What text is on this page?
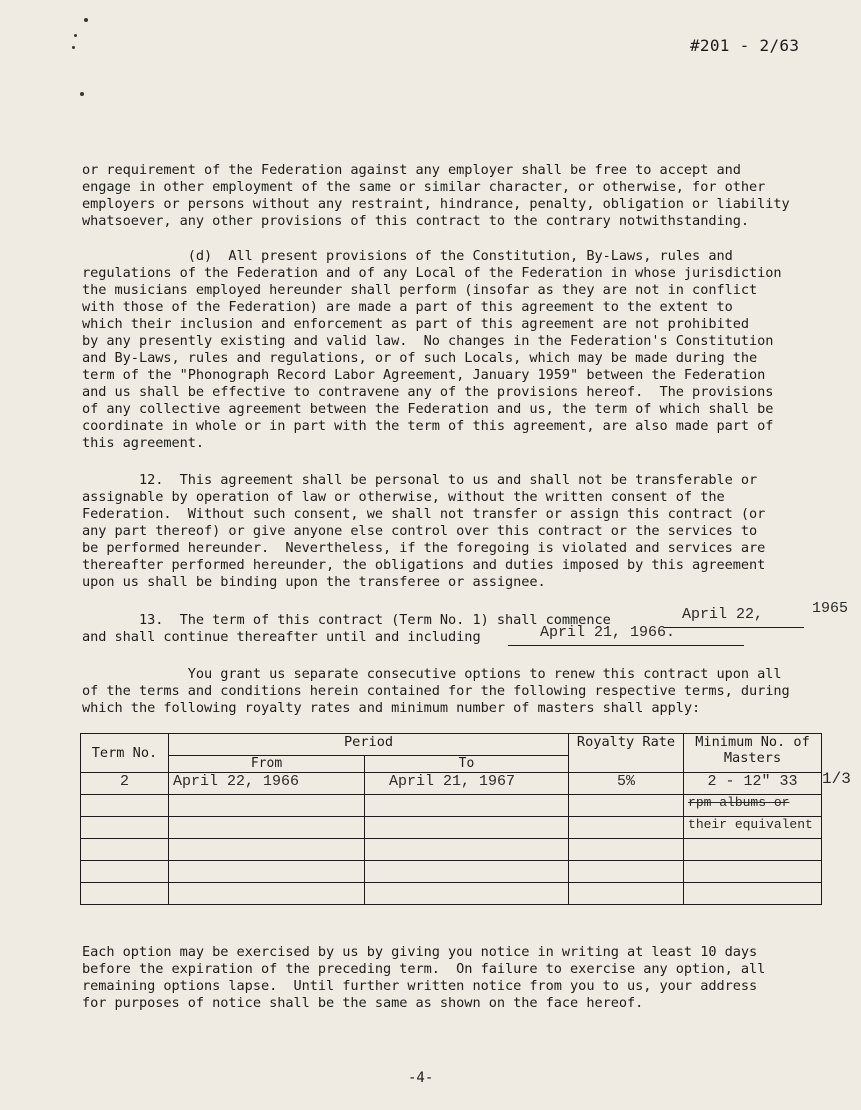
#201 - 2/63

or requirement of the Federation against any employer shall be free to accept and
engage in other employment of the same or similar character, or otherwise, for other
employers or persons without any restraint, hindrance, penalty, obligation or liability
whatsoever, any other provisions of this contract to the contrary notwithstanding.

(d)  All present provisions of the Constitution, By-Laws, rules and
regulations of the Federation and of any Local of the Federation in whose jurisdiction
the musicians employed hereunder shall perform (insofar as they are not in conflict
with those of the Federation) are made a part of this agreement to the extent to
which their inclusion and enforcement as part of this agreement are not prohibited
by any presently existing and valid law.  No changes in the Federation's Constitution
and By-Laws, rules and regulations, or of such Locals, which may be made during the
term of the "Phonograph Record Labor Agreement, January 1959" between the Federation
and us shall be effective to contravene any of the provisions hereof.  The provisions
of any collective agreement between the Federation and us, the term of which shall be
coordinate in whole or in part with the term of this agreement, are also made part of
this agreement.

12.  This agreement shall be personal to us and shall not be transferable or
assignable by operation of law or otherwise, without the written consent of the
Federation.  Without such consent, we shall not transfer or assign this contract (or
any part thereof) or give anyone else control over this contract or the services to
be performed hereunder.  Nevertheless, if the foregoing is violated and services are
thereafter performed hereunder, the obligations and duties imposed by this agreement
upon us shall be binding upon the transferee or assignee.

13.  The term of this contract (Term No. 1) shall commence	April 22,	1965

and shall continue thereafter until and including	April 21, 1966.

You grant us separate consecutive options to renew this contract upon all
of the terms and conditions herein contained for the following respective terms, during
which the following royalty rates and minimum number of masters shall apply:

Term No.	Period		Royalty Rate	Minimum No. of Masters
	From	To		
2	April 22, 1966	April 21, 1967	5%	2 - 12" 33
				rpm albums or
				their equivalent

1/3

Each option may be exercised by us by giving you notice in writing at least 10 days
before the expiration of the preceding term.  On failure to exercise any option, all
remaining options lapse.  Until further written notice from you to us, your address
for purposes of notice shall be the same as shown on the face hereof.

-4-
